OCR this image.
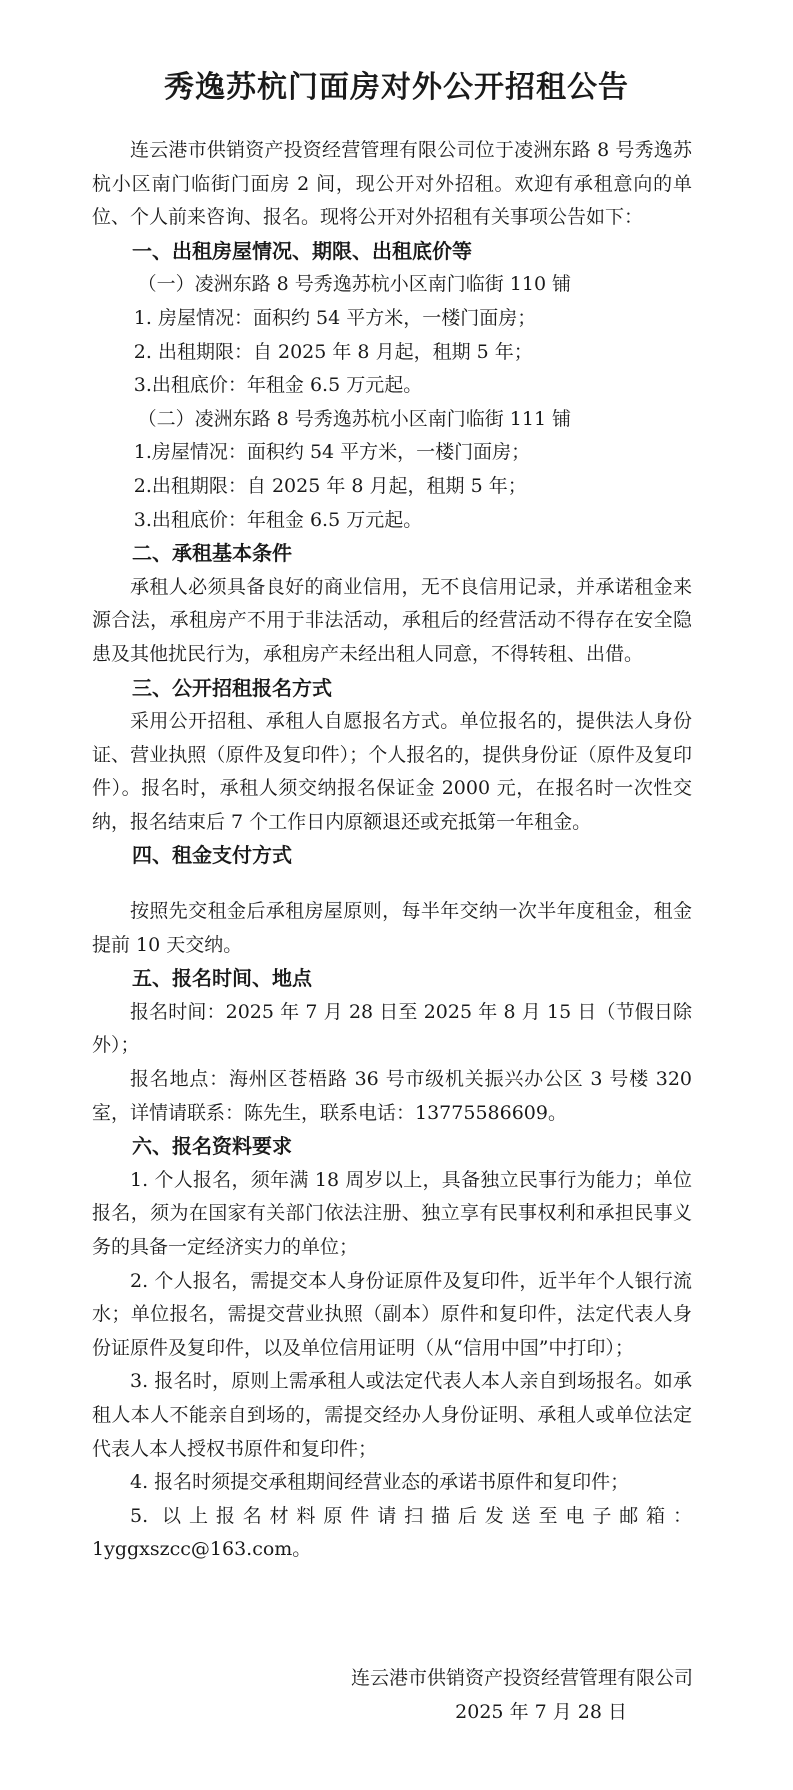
秀逸苏杭门面房对外公开招租公告

连云港市供销资产投资经营管理有限公司位于凌洲东路 8 号秀逸苏杭小区南门临街门面房 2 间，现公开对外招租。欢迎有承租意向的单位、个人前来咨询、报名。现将公开对外招租有关事项公告如下：

一、出租房屋情况、期限、出租底价等

（一）凌洲东路 8 号秀逸苏杭小区南门临街 110 铺

1. 房屋情况：面积约 54 平方米，一楼门面房；

2. 出租期限：自 2025 年 8 月起，租期 5 年；

3.出租底价：年租金 6.5 万元起。

（二）凌洲东路 8 号秀逸苏杭小区南门临街 111 铺

1.房屋情况：面积约 54 平方米，一楼门面房；

2.出租期限：自 2025 年 8 月起，租期 5 年；

3.出租底价：年租金 6.5 万元起。

二、承租基本条件

承租人必须具备良好的商业信用，无不良信用记录，并承诺租金来源合法，承租房产不用于非法活动，承租后的经营活动不得存在安全隐患及其他扰民行为，承租房产未经出租人同意，不得转租、出借。

三、公开招租报名方式

采用公开招租、承租人自愿报名方式。单位报名的，提供法人身份证、营业执照（原件及复印件）；个人报名的，提供身份证（原件及复印件）。报名时，承租人须交纳报名保证金 2000 元，在报名时一次性交纳，报名结束后 7 个工作日内原额退还或充抵第一年租金。

四、租金支付方式

按照先交租金后承租房屋原则，每半年交纳一次半年度租金，租金提前 10 天交纳。

五、报名时间、地点

报名时间：2025 年 7 月 28 日至 2025 年 8 月 15 日（节假日除外）；

报名地点：海州区苍梧路 36 号市级机关振兴办公区 3 号楼 320 室，详情请联系：陈先生，联系电话：13775586609。

六、报名资料要求

1. 个人报名，须年满 18 周岁以上，具备独立民事行为能力；单位报名，须为在国家有关部门依法注册、独立享有民事权利和承担民事义务的具备一定经济实力的单位；

2. 个人报名，需提交本人身份证原件及复印件，近半年个人银行流水；单位报名，需提交营业执照（副本）原件和复印件，法定代表人身份证原件及复印件，以及单位信用证明（从“信用中国”中打印）；

3. 报名时，原则上需承租人或法定代表人本人亲自到场报名。如承租人本人不能亲自到场的，需提交经办人身份证明、承租人或单位法定代表人本人授权书原件和复印件；

4. 报名时须提交承租期间经营业态的承诺书原件和复印件；

5. 以上报名材料原件请扫描后发送至电子邮箱：1yggxszcc@163.com。

连云港市供销资产投资经营管理有限公司
2025 年 7 月 28 日
